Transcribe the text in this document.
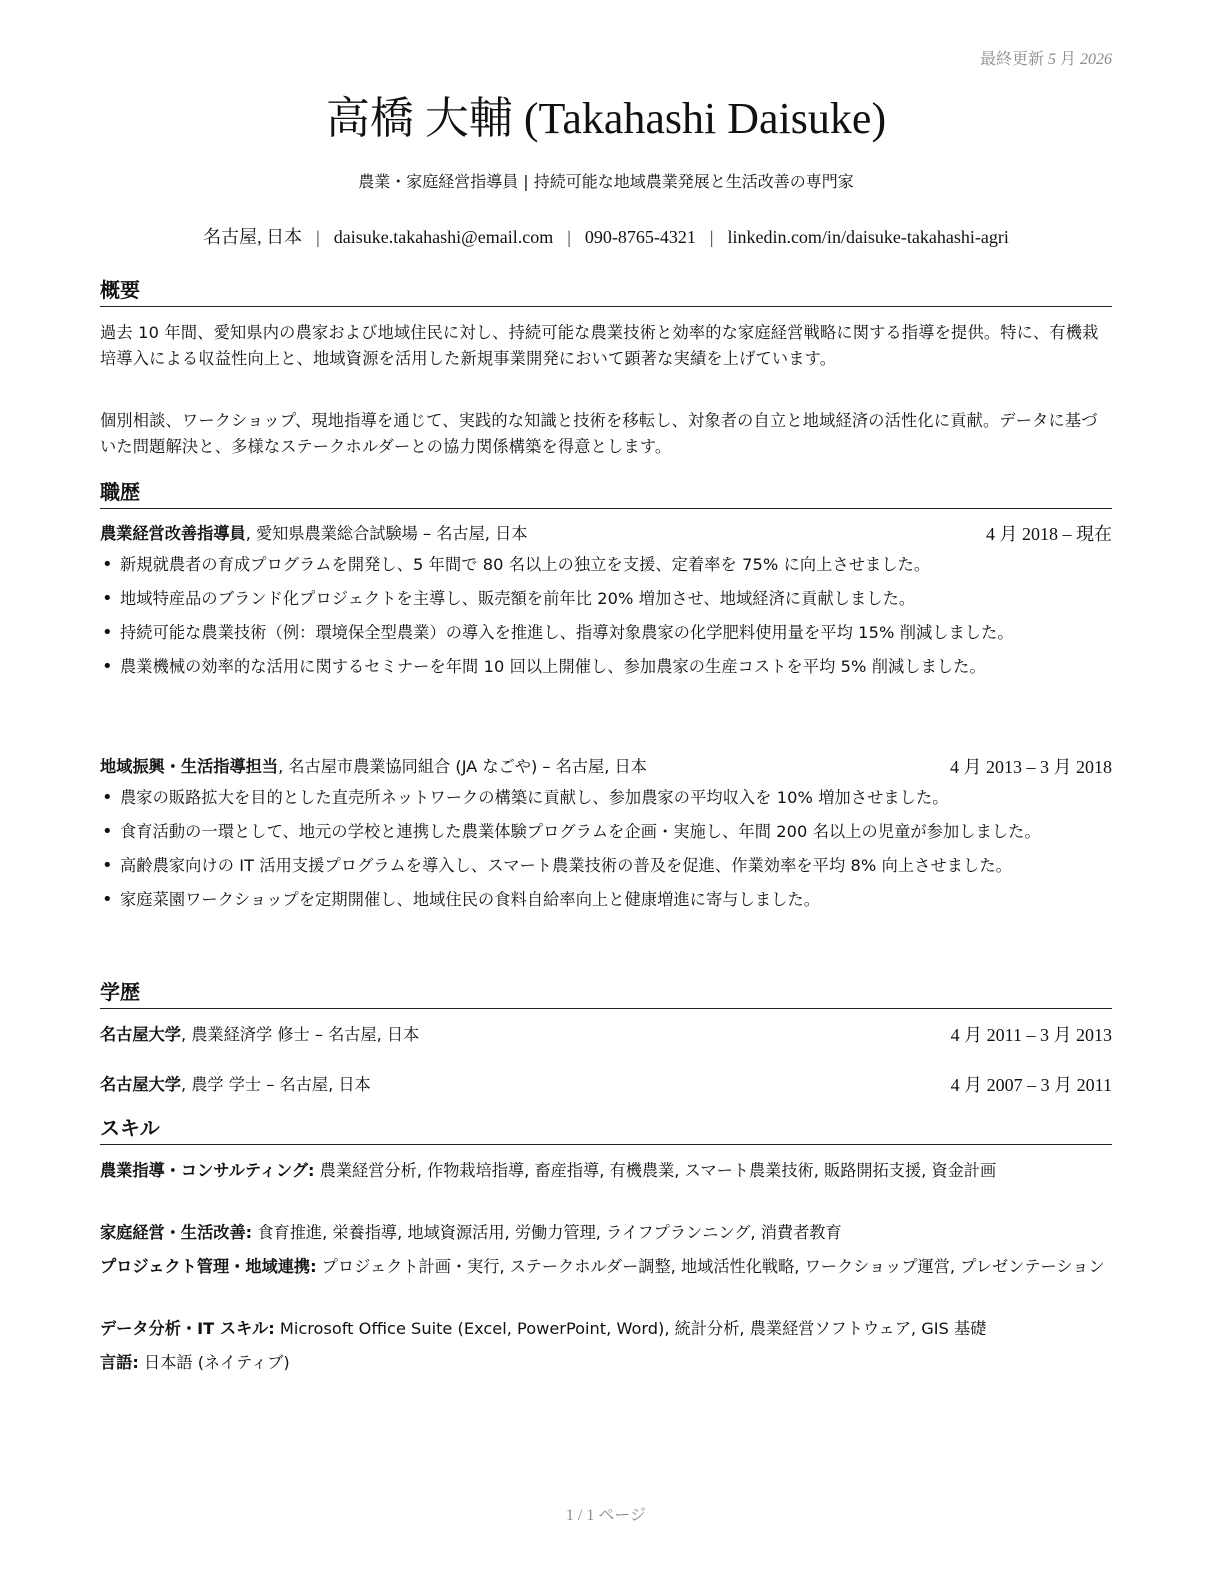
最終更新 5 月 2026
高橋 大輔 (Takahashi Daisuke)
農業・家庭経営指導員 | 持続可能な地域農業発展と生活改善の専門家
名古屋, 日本 | daisuke.takahashi@email.com | 090-8765-4321 | linkedin.com/in/daisuke-takahashi-agri
概要

過去 10 年間、愛知県内の農家および地域住民に対し、持続可能な農業技術と効率的な家庭経営戦略に関する指導を提供。特に、有機栽培導入による収益性向上と、地域資源を活用した新規事業開発において顕著な実績を上げています。

個別相談、ワークショップ、現地指導を通じて、実践的な知識と技術を移転し、対象者の自立と地域経済の活性化に貢献。データに基づいた問題解決と、多様なステークホルダーとの協力関係構築を得意とします。

職歴
農業経営改善指導員, 愛知県農業総合試験場 – 名古屋, 日本	4 月 2018 – 現在
• 新規就農者の育成プログラムを開発し、5 年間で 80 名以上の独立を支援、定着率を 75% に向上させました。
• 地域特産品のブランド化プロジェクトを主導し、販売額を前年比 20% 増加させ、地域経済に貢献しました。
• 持続可能な農業技術（例：環境保全型農業）の導入を推進し、指導対象農家の化学肥料使用量を平均 15% 削減しました。
• 農業機械の効率的な活用に関するセミナーを年間 10 回以上開催し、参加農家の生産コストを平均 5% 削減しました。
地域振興・生活指導担当, 名古屋市農業協同組合 (JA なごや) – 名古屋, 日本	4 月 2013 – 3 月 2018
• 農家の販路拡大を目的とした直売所ネットワークの構築に貢献し、参加農家の平均収入を 10% 増加させました。
• 食育活動の一環として、地元の学校と連携した農業体験プログラムを企画・実施し、年間 200 名以上の児童が参加しました。
• 高齢農家向けの IT 活用支援プログラムを導入し、スマート農業技術の普及を促進、作業効率を平均 8% 向上させました。
• 家庭菜園ワークショップを定期開催し、地域住民の食料自給率向上と健康増進に寄与しました。
学歴
名古屋大学, 農業経済学 修士 – 名古屋, 日本	4 月 2011 – 3 月 2013
名古屋大学, 農学 学士 – 名古屋, 日本	4 月 2007 – 3 月 2011
スキル

農業指導・コンサルティング: 農業経営分析, 作物栽培指導, 畜産指導, 有機農業, スマート農業技術, 販路開拓支援, 資金計画

家庭経営・生活改善: 食育推進, 栄養指導, 地域資源活用, 労働力管理, ライフプランニング, 消費者教育

プロジェクト管理・地域連携: プロジェクト計画・実行, ステークホルダー調整, 地域活性化戦略, ワークショップ運営, プレゼンテーション

データ分析・IT スキル: Microsoft Office Suite (Excel, PowerPoint, Word), 統計分析, 農業経営ソフトウェア, GIS 基礎

言語: 日本語 (ネイティブ)

1 / 1 ページ
